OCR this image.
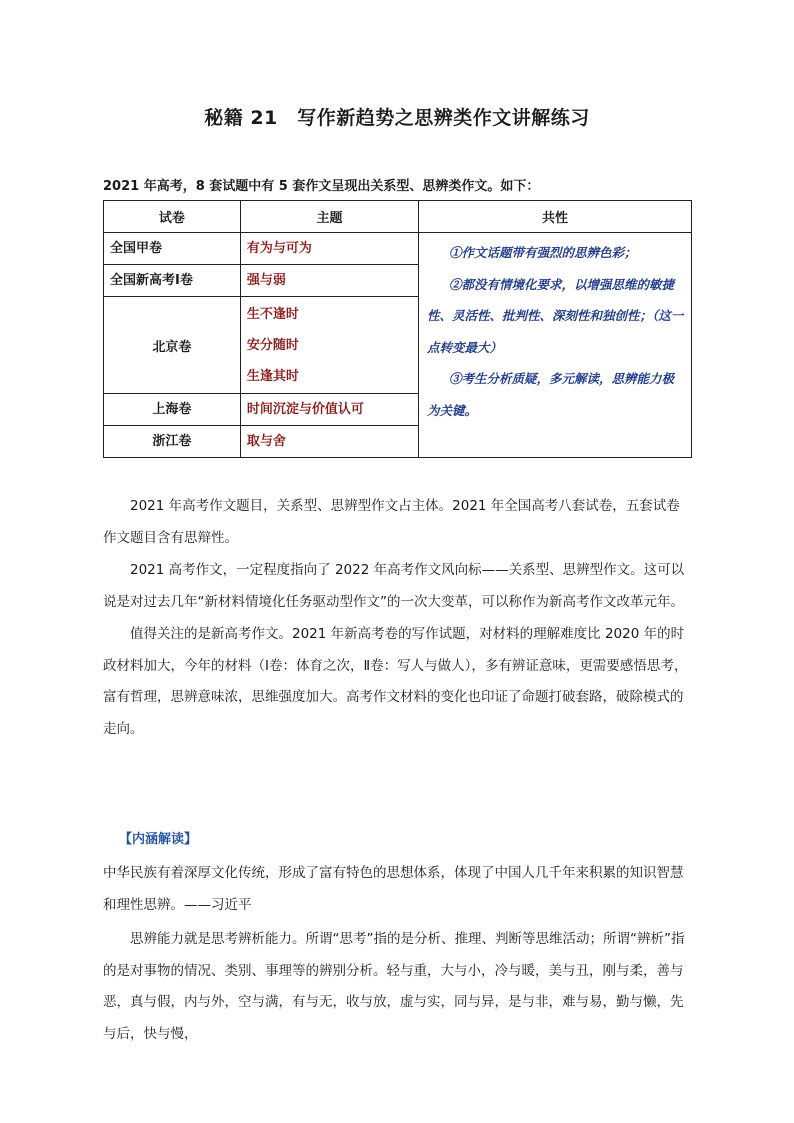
秘籍 21　写作新趋势之思辨类作文讲解练习
2021 年高考，8 套试题中有 5 套作文呈现出关系型、思辨类作文。如下：
试卷	主题	共性
全国甲卷	有为与可为	①作文话题带有强烈的思辨色彩；

②都没有情境化要求，以增强思维的敏捷性、灵活性、批判性、深刻性和独创性；（这一点转变最大）

③考生分析质疑，多元解读，思辨能力极为关键。

全国新高考Ⅰ卷	强与弱	
北京卷	生不逢时
安分随时
生逢其时	

上海卷	时间沉淀与价值认可	
浙江卷	取与舍	

　　2021 年高考作文题目，关系型、思辨型作文占主体。2021 年全国高考八套试卷，五套试卷作文题目含有思辩性。

　　2021 高考作文，一定程度指向了 2022 年高考作文风向标——关系型、思辨型作文。这可以说是对过去几年“新材料情境化任务驱动型作文”的一次大变革，可以称作为新高考作文改革元年。

　　值得关注的是新高考作文。2021 年新高考卷的写作试题，对材料的理解难度比 2020 年的时政材料加大，今年的材料（Ⅰ卷：体育之次，Ⅱ卷：写人与做人），多有辨证意味，更需要感悟思考，富有哲理，思辨意味浓，思维强度加大。高考作文材料的变化也印证了命题打破套路，破除模式的走向。

【内涵解读】

中华民族有着深厚文化传统，形成了富有特色的思想体系，体现了中国人几千年来积累的知识智慧和理性思辨。——习近平

　　思辨能力就是思考辨析能力。所谓“思考”指的是分析、推理、判断等思维活动；所谓“辨析”指的是对事物的情况、类别、事理等的辨别分析。轻与重，大与小，冷与暖，美与丑，刚与柔，善与恶，真与假，内与外，空与满，有与无，收与放，虚与实，同与异，是与非，难与易，勤与懒，先与后，快与慢，
